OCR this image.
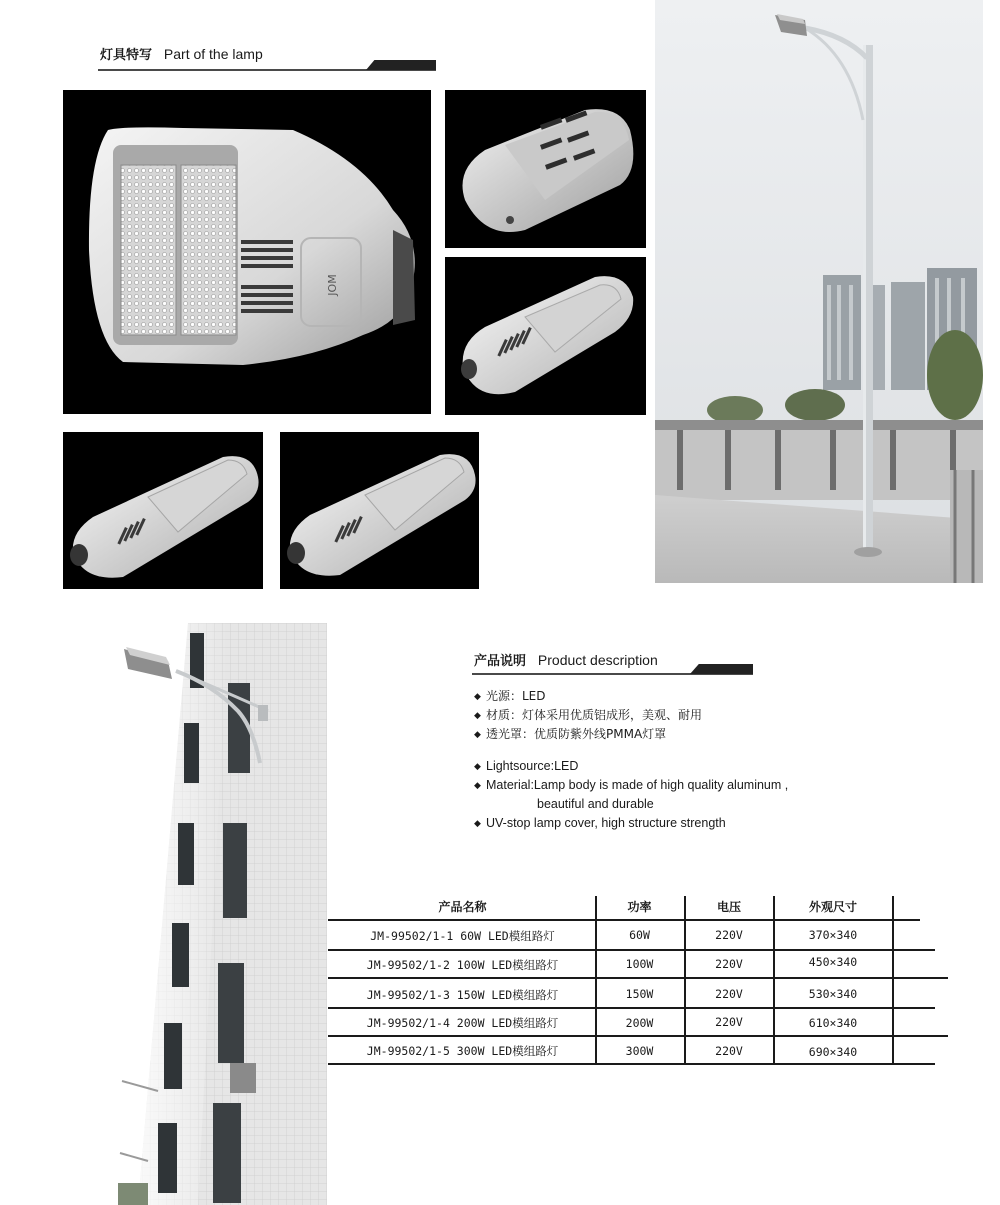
灯具特写 Part of the lamp
JOM
产品说明 Product description
◆ 光源：LED
◆ 材质：灯体采用优质铝成形，美观、耐用
◆ 透光罩：优质防紫外线PMMA灯罩
◆ Lightsource:LED
◆ Material:Lamp body is made of high quality aluminum ,
beautiful and durable
◆ UV-stop lamp cover, high structure strength
产品名称	功率	电压	外观尺寸
JM-99502/1-1 60W LED模组路灯	60W	220V	370×340
JM-99502/1-2 100W LED模组路灯	100W	220V	450×340
JM-99502/1-3 150W LED模组路灯	150W	220V	530×340
JM-99502/1-4 200W LED模组路灯	200W	220V	610×340
JM-99502/1-5 300W LED模组路灯	300W	220V	690×340
